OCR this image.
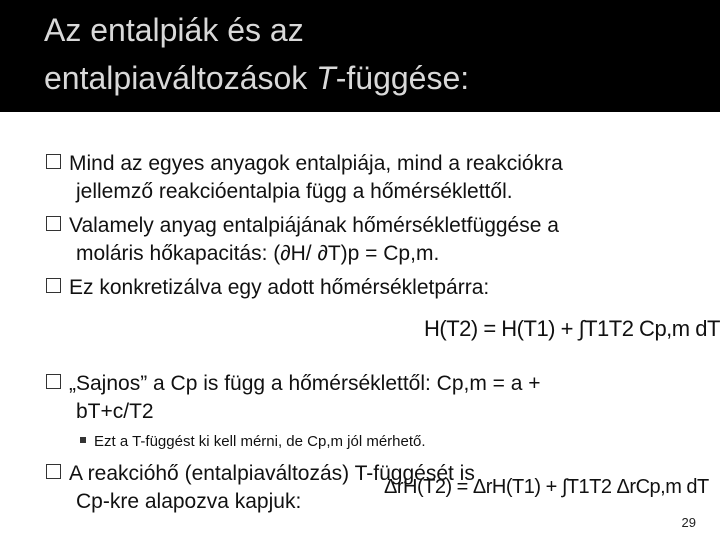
Az entalpiák és az
entalpiaváltozások T-függése:
Mind az egyes anyagok entalpiája, mind a reakciókra
jellemző reakcióentalpia függ a hőmérséklettől.
Valamely anyag entalpiájának hőmérsékletfüggése a
moláris hőkapacitás: (∂H/ ∂T)p = Cp,m.
Ez konkretizálva egy adott hőmérsékletpárra:
H(T2) = H(T1) + ∫T1T2 Cp,m dT
„Sajnos” a Cp is függ a hőmérséklettől: Cp,m = a +
bT+c/T2
Ezt a T-függést ki kell mérni, de Cp,m jól mérhető.
A reakcióhő (entalpiaváltozás) T-függését is
Cp-kre alapozva kapjuk:
ΔrH(T2) = ΔrH(T1) + ∫T1T2 ΔrCp,m dT
29
